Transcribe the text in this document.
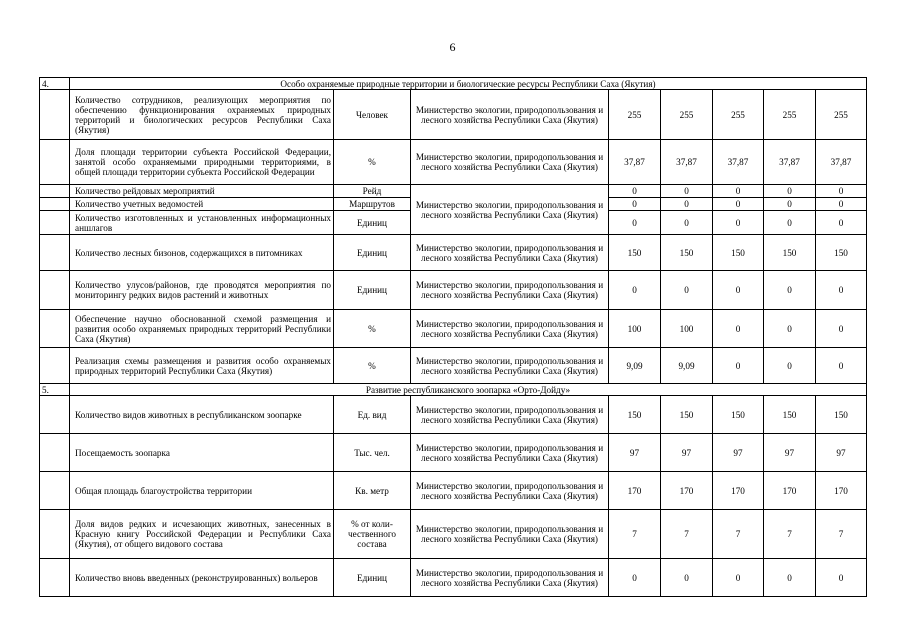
6
4.	Особо охраняемые природные территории и биологические ресурсы Республики Саха (Якутия)							
	Количество сотрудников, реализующих мероприятия по обеспечению функционирования охраняемых природных территорий и биологических ресурсов Республики Саха (Якутия)	Человек	Министерство экологии, природопользования и лесного хозяйства Республики Саха (Якутия)	255	255	255	255	255
	Доля площади территории субъекта Российской Федерации, занятой особо охраняемыми природными территориями, в общей площади территории субъекта Российской Федерации	%	Министерство экологии, природопользования и лесного хозяйства Республики Саха (Якутия)	37,87	37,87	37,87	37,87	37,87
	Количество рейдовых мероприятий	Рейд	Министерство экологии, природопользования и лесного хозяйства Республики Саха (Якутия)	0	0	0	0	0
	Количество учетных ведомостей	Маршрутов		0	0	0	0	0
	Количество изготовленных и установленных информационных аншлагов	Единиц		0	0	0	0	0
	Количество лесных бизонов, содержащихся в питомниках	Единиц	Министерство экологии, природопользования и лесного хозяйства Республики Саха (Якутия)	150	150	150	150	150
	Количество улусов/районов, где проводятся мероприятия по мониторингу редких видов растений и животных	Единиц	Министерство экологии, природопользования и лесного хозяйства Республики Саха (Якутия)	0	0	0	0	0
	Обеспечение научно обоснованной схемой размещения и развития особо охраняемых природных территорий Республики Саха (Якутия)	%	Министерство экологии, природопользования и лесного хозяйства Республики Саха (Якутия)	100	100	0	0	0
	Реализация схемы размещения и развития особо охраняемых природных территорий Республики Саха (Якутия)	%	Министерство экологии, природопользования и лесного хозяйства Республики Саха (Якутия)	9,09	9,09	0	0	0
5.	Развитие республиканского зоопарка «Орто-Дойду»							
	Количество видов животных в республиканском зоопарке	Ед. вид	Министерство экологии, природопользования и лесного хозяйства Республики Саха (Якутия)	150	150	150	150	150
	Посещаемость зоопарка	Тыс. чел.	Министерство экологии, природопользования и лесного хозяйства Республики Саха (Якутия)	97	97	97	97	97
	Общая площадь благоустройства территории	Кв. метр	Министерство экологии, природопользования и лесного хозяйства Республики Саха (Якутия)	170	170	170	170	170
	Доля видов редких и исчезающих животных, занесенных в Красную книгу Российской Федерации и Республики Саха (Якутия), от общего видового состава	% от коли-чественного состава	Министерство экологии, природопользования и лесного хозяйства Республики Саха (Якутия)	7	7	7	7	7
	Количество вновь введенных (реконструированных) вольеров	Единиц	Министерство экологии, природопользования и лесного хозяйства Республики Саха (Якутия)	0	0	0	0	0
